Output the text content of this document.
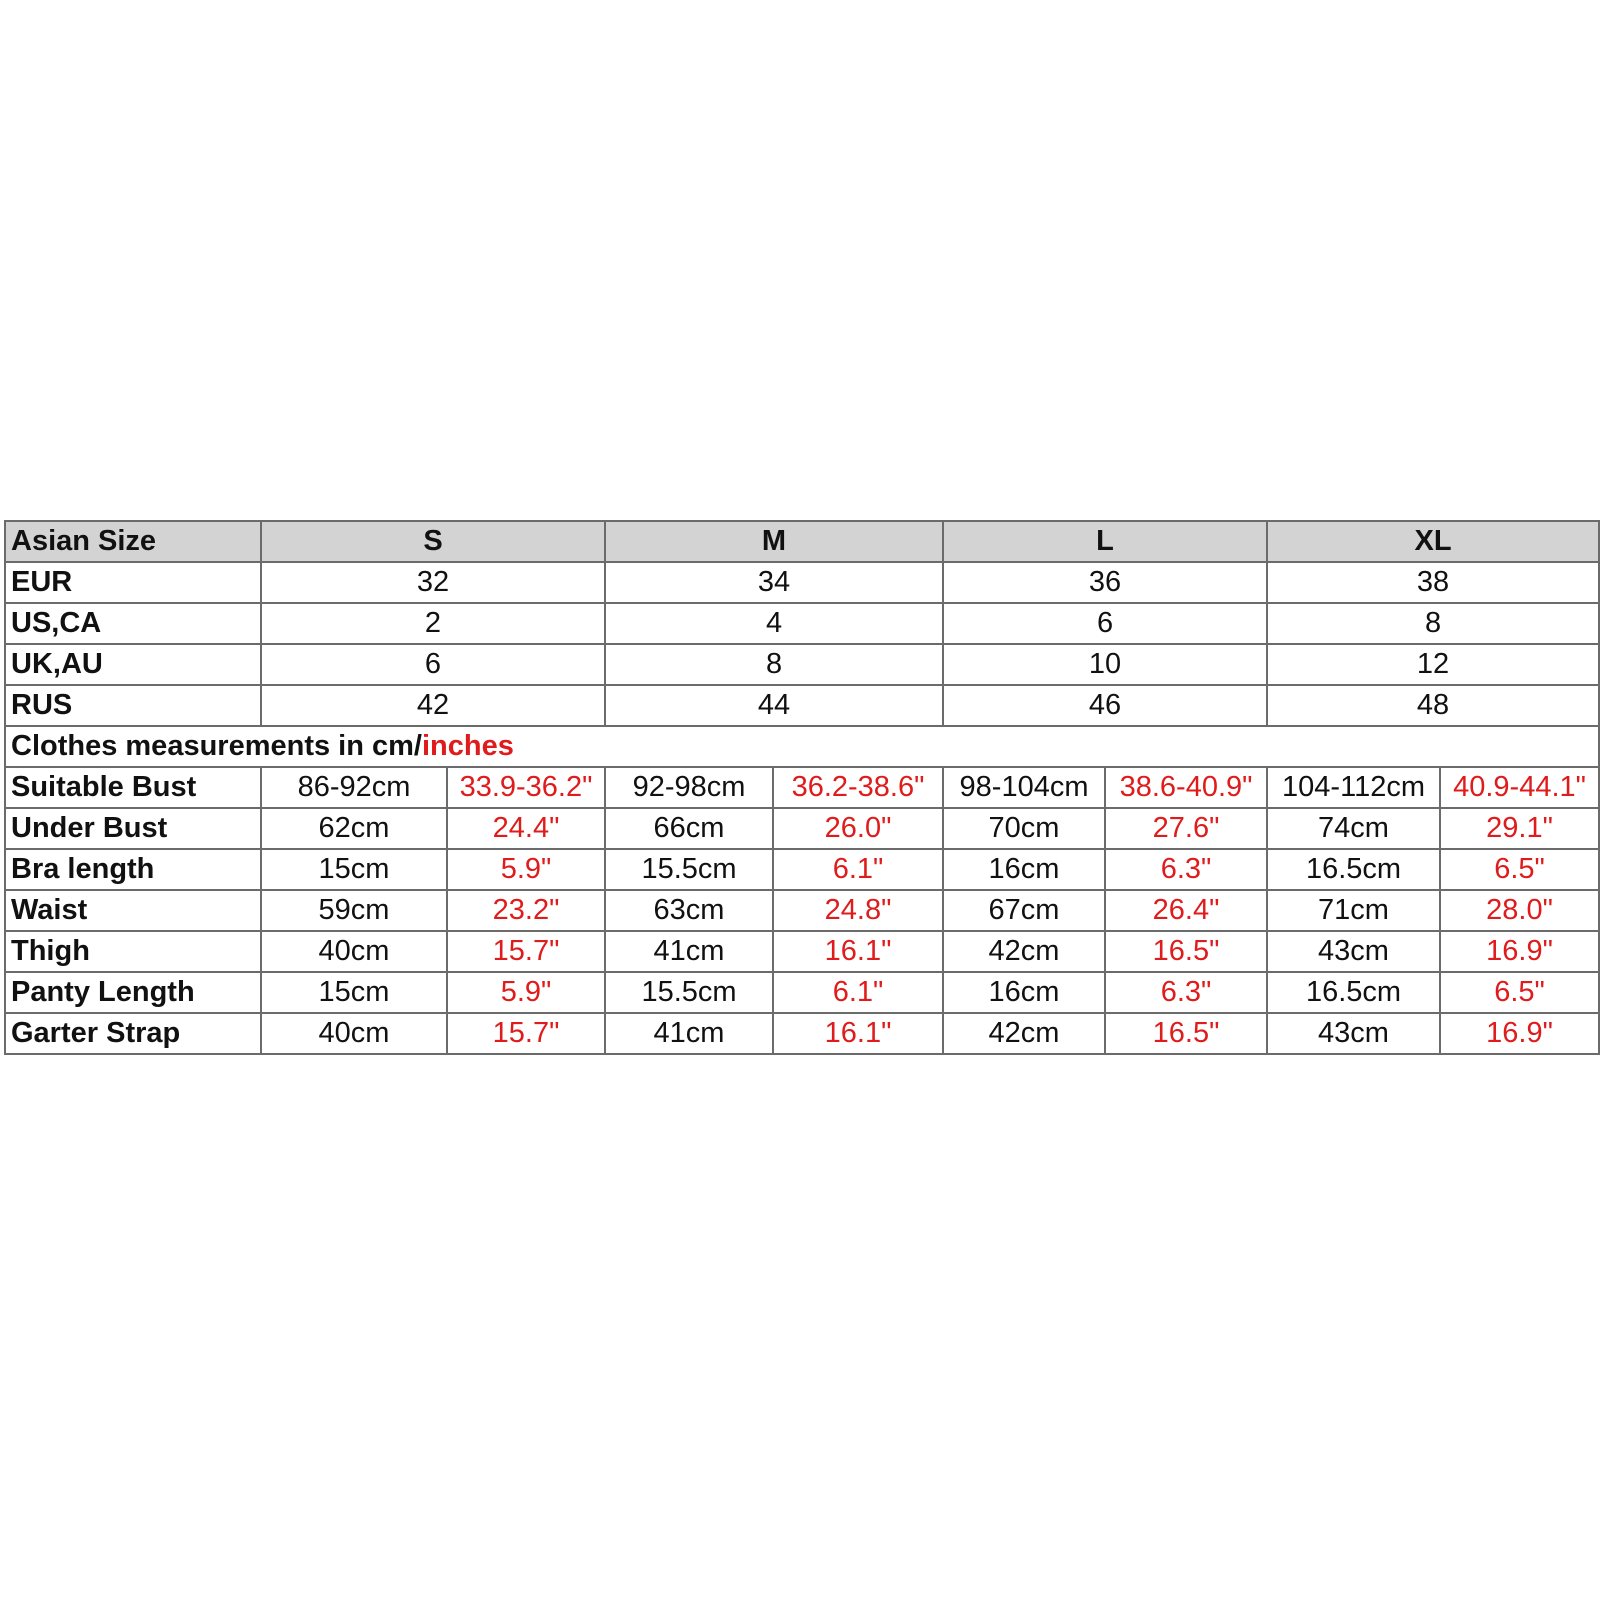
Asian Size	S		M		L		XL	
EUR	32		34		36		38	
US,CA	2		4		6		8	
UK,AU	6		8		10		12	
RUS	42		44		46		48	
Clothes measurements in cm/inches								
Suitable Bust	86-92cm	33.9-36.2"	92-98cm	36.2-38.6"	98-104cm	38.6-40.9"	104-112cm	40.9-44.1"
Under Bust	62cm	24.4"	66cm	26.0"	70cm	27.6"	74cm	29.1"
Bra length	15cm	5.9"	15.5cm	6.1"	16cm	6.3"	16.5cm	6.5"
Waist	59cm	23.2"	63cm	24.8"	67cm	26.4"	71cm	28.0"
Thigh	40cm	15.7"	41cm	16.1"	42cm	16.5"	43cm	16.9"
Panty Length	15cm	5.9"	15.5cm	6.1"	16cm	6.3"	16.5cm	6.5"
Garter Strap	40cm	15.7"	41cm	16.1"	42cm	16.5"	43cm	16.9"
